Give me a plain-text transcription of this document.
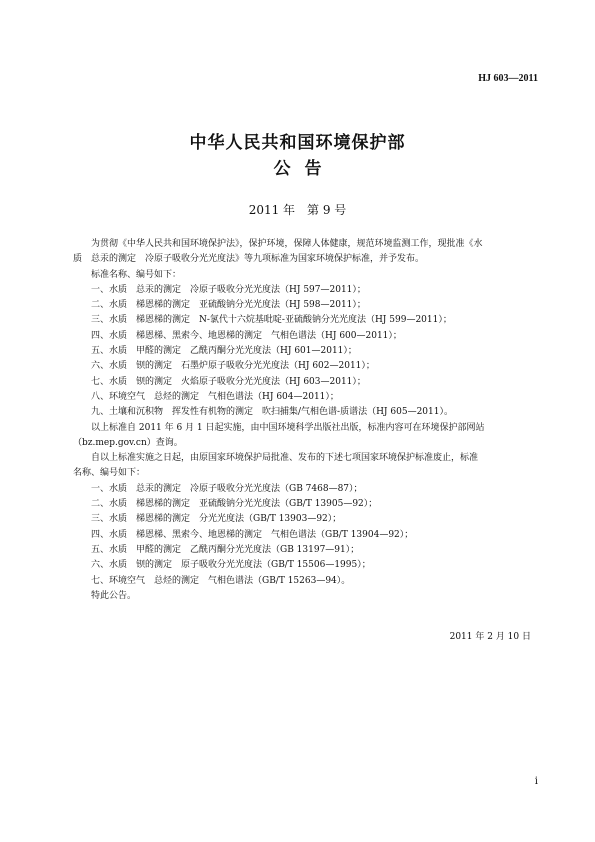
HJ 603—2011
中华人民共和国环境保护部
公告
2011 年　第 9 号

为贯彻《中华人民共和国环境保护法》，保护环境，保障人体健康，规范环境监测工作，现批准《水

质　总汞的测定　冷原子吸收分光光度法》等九项标准为国家环境保护标准，并予发布。

标准名称、编号如下：

一、水质　总汞的测定　冷原子吸收分光光度法（HJ 597—2011）；

二、水质　梯恩梯的测定　亚硫酸钠分光光度法（HJ 598—2011）；

三、水质　梯恩梯的测定　N-氯代十六烷基吡啶-亚硫酸钠分光光度法（HJ 599—2011）；

四、水质　梯恩梯、黑索今、地恩梯的测定　气相色谱法（HJ 600—2011）；

五、水质　甲醛的测定　乙酰丙酮分光光度法（HJ 601—2011）；

六、水质　钡的测定　石墨炉原子吸收分光光度法（HJ 602—2011）；

七、水质　钡的测定　火焰原子吸收分光光度法（HJ 603—2011）；

八、环境空气　总烃的测定　气相色谱法（HJ 604—2011）；

九、土壤和沉积物　挥发性有机物的测定　吹扫捕集/气相色谱-质谱法（HJ 605—2011）。

以上标准自 2011 年 6 月 1 日起实施，由中国环境科学出版社出版，标准内容可在环境保护部网站

（bz.mep.gov.cn）查询。

自以上标准实施之日起，由原国家环境保护局批准、发布的下述七项国家环境保护标准废止，标准

名称、编号如下：

一、水质　总汞的测定　冷原子吸收分光光度法（GB 7468—87）；

二、水质　梯恩梯的测定　亚硫酸钠分光光度法（GB/T 13905—92）；

三、水质　梯恩梯的测定　分光光度法（GB/T 13903—92）；

四、水质　梯恩梯、黑索今、地恩梯的测定　气相色谱法（GB/T 13904—92）；

五、水质　甲醛的测定　乙酰丙酮分光光度法（GB 13197—91）；

六、水质　钡的测定　原子吸收分光光度法（GB/T 15506—1995）；

七、环境空气　总烃的测定　气相色谱法（GB/T 15263—94）。

特此公告。

2011 年 2 月 10 日
i
